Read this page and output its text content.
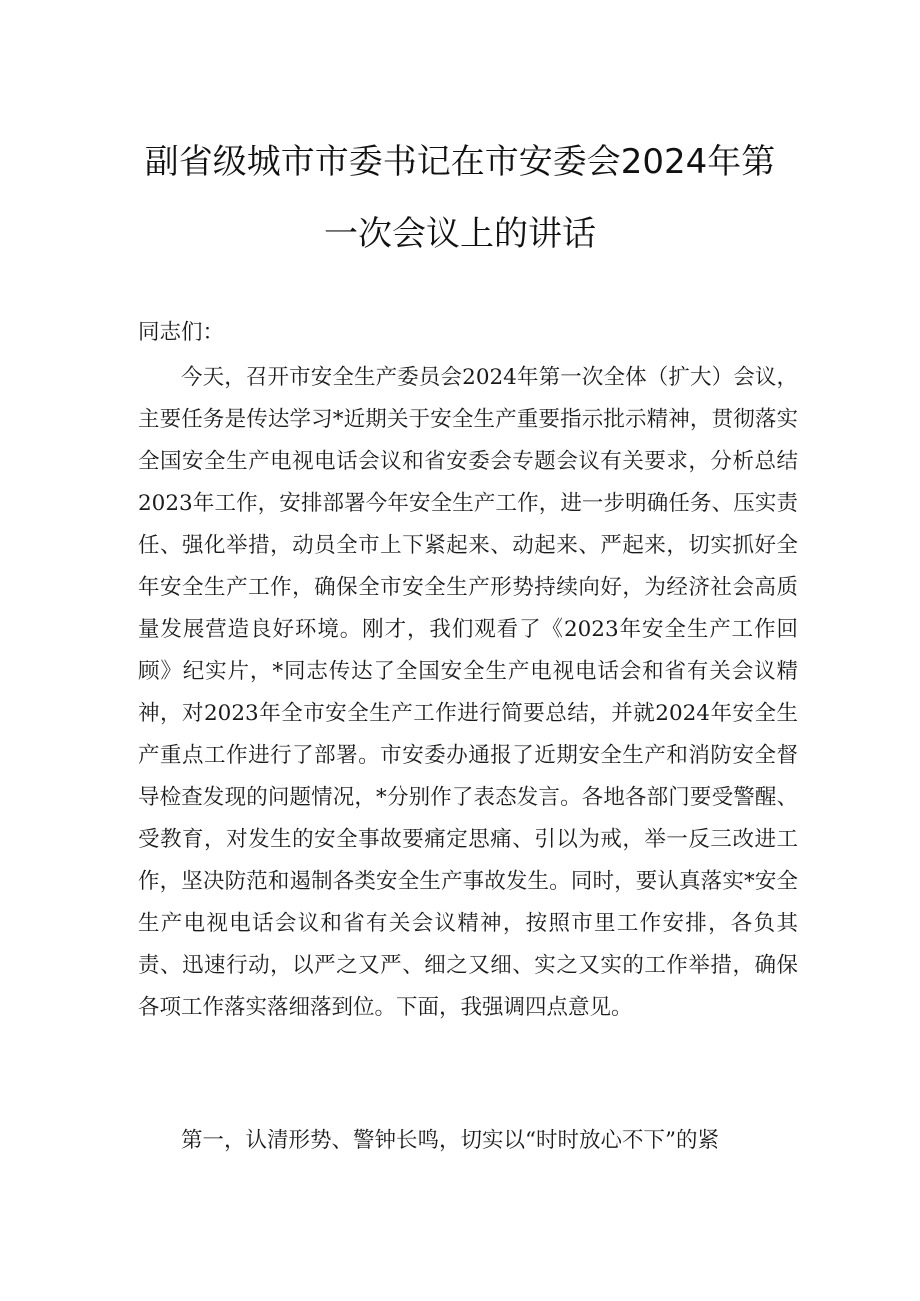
副省级城市市委书记在市安委会2024年第
一次会议上的讲话
同志们：

今天，召开市安全生产委员会2024年第一次全体（扩大）会议，主要任务是传达学习*近期关于安全生产重要指示批示精神，贯彻落实全国安全生产电视电话会议和省安委会专题会议有关要求，分析总结2023年工作，安排部署今年安全生产工作，进一步明确任务、压实责任、强化举措，动员全市上下紧起来、动起来、严起来，切实抓好全年安全生产工作，确保全市安全生产形势持续向好，为经济社会高质量发展营造良好环境。刚才，我们观看了《2023年安全生产工作回顾》纪实片，*同志传达了全国安全生产电视电话会和省有关会议精神，对2023年全市安全生产工作进行简要总结，并就2024年安全生产重点工作进行了部署。市安委办通报了近期安全生产和消防安全督导检查发现的问题情况，*分别作了表态发言。各地各部门要受警醒、受教育，对发生的安全事故要痛定思痛、引以为戒，举一反三改进工作，坚决防范和遏制各类安全生产事故发生。同时，要认真落实*安全生产电视电话会议和省有关会议精神，按照市里工作安排，各负其责、迅速行动，以严之又严、细之又细、实之又实的工作举措，确保各项工作落实落细落到位。下面，我强调四点意见。

第一，认清形势、警钟长鸣，切实以“时时放心不下”的紧
